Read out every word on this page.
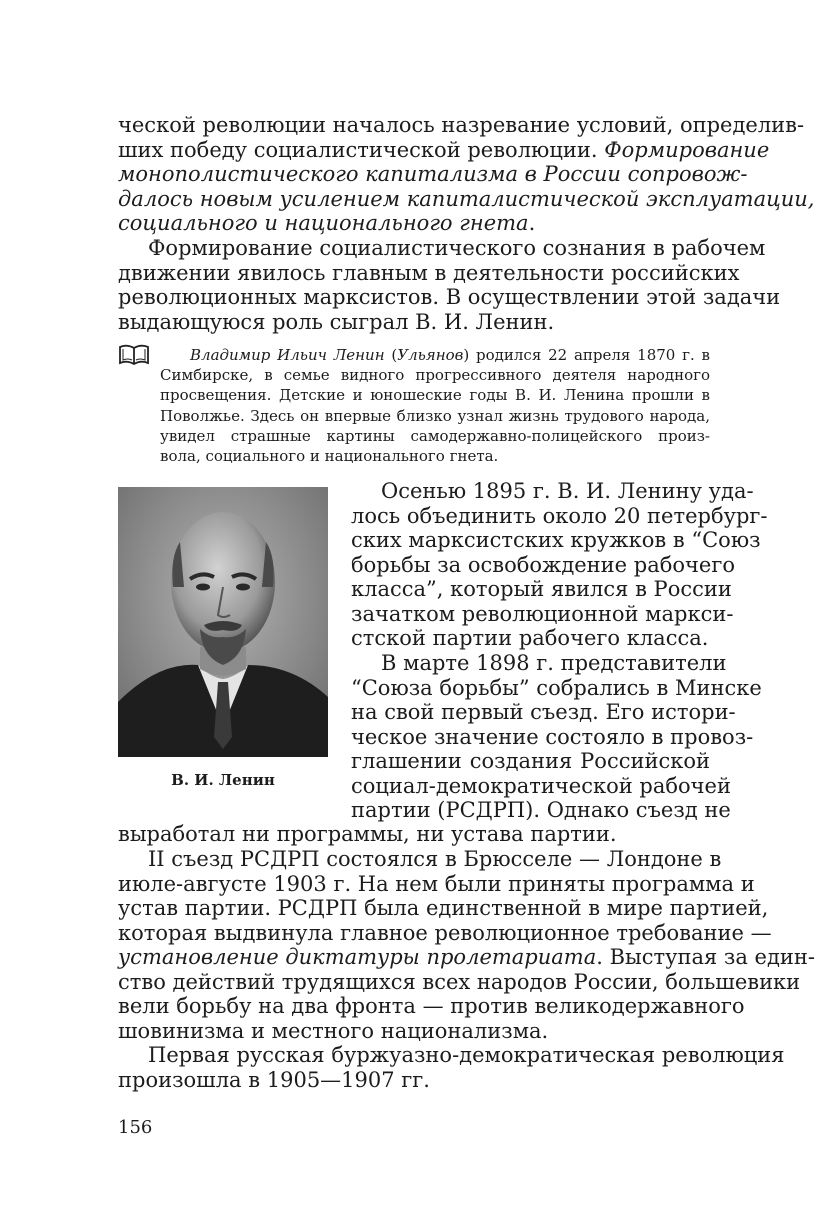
ческой революции началось назревание условий, определив-
ших победу социалистической революции. Формирование
монополистического капитализма в России сопровож-
далось новым усилением капиталистической эксплуатации,
социального и национального гнета.
Формирование социалистического сознания в рабочем
движении явилось главным в деятельности российских
революционных марксистов. В осуществлении этой задачи
выдающуюся роль сыграл В. И. Ленин.
Владимир Ильич Ленин (Ульянов) родился 22 апреля 1870 г. в
Симбирске, в семье видного прогрессивного деятеля народного
просвещения. Детские и юношеские годы В. И. Ленина прошли в
Поволжье. Здесь он впервые близко узнал жизнь трудового народа,
увидел страшные картины самодержавно-полицейского произ-
вола, социального и национального гнета.
В. И. Ленин
Осенью 1895 г. В. И. Ленину уда-
лось объединить около 20 петербург-
ских марксистских кружков в “Союз
борьбы за освобождение рабочего
класса”, который явился в России
зачатком революционной маркси-
стской партии рабочего класса.
В марте 1898 г. представители
“Союза борьбы” собрались в Минске
на свой первый съезд. Его истори-
ческое значение состояло в провоз-
глашении создания Российской
социал-демократической рабочей
партии (РСДРП). Однако съезд не
выработал ни программы, ни устава партии.
II съезд РСДРП состоялся в Брюсселе — Лондоне в
июле-августе 1903 г. На нем были приняты программа и
устав партии. РСДРП была единственной в мире партией,
которая выдвинула главное революционное требование —
установление диктатуры пролетариата. Выступая за един-
ство действий трудящихся всех народов России, большевики
вели борьбу на два фронта — против великодержавного
шовинизма и местного национализма.
Первая русская буржуазно-демократическая революция
произошла в 1905—1907 гг.
156
